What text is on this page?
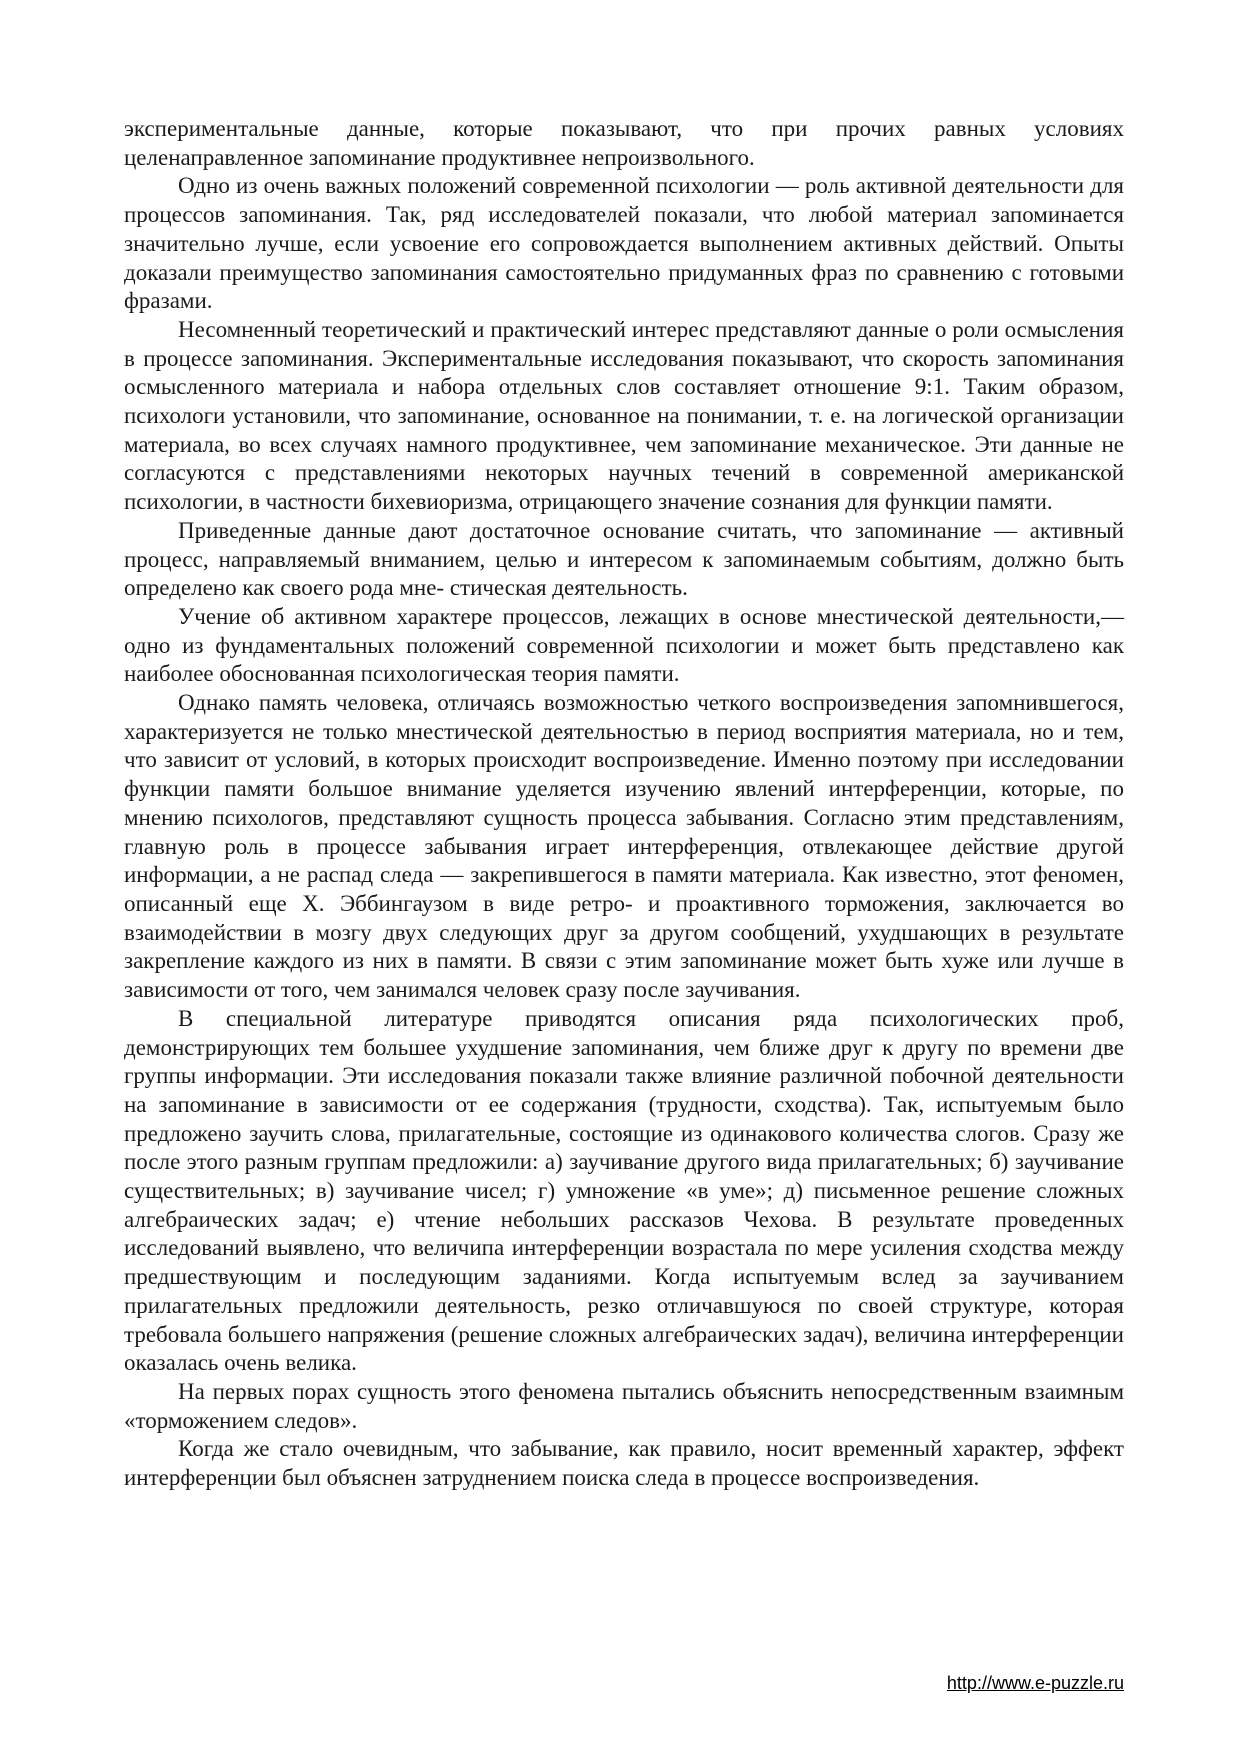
экспериментальные данные, которые показывают, что при прочих равных условиях целенаправленное запоминание продуктивнее непроизвольного.

Одно из очень важных положений современной психологии — роль активной деятельности для процессов запоминания. Так, ряд исследователей показали, что любой материал запоминается значительно лучше, если усвоение его сопровождается выполнением активных действий. Опыты доказали преимущество запоминания самостоятельно придуманных фраз по сравнению с готовыми фразами.

Несомненный теоретический и практический интерес представляют данные о роли осмысления в процессе запоминания. Экспериментальные исследования показывают, что скорость запоминания осмысленного материала и набора отдельных слов составляет отношение 9:1. Таким образом, психологи установили, что запоминание, основанное на понимании, т. е. на логической организации материала, во всех случаях намного продуктивнее, чем запоминание механическое. Эти данные не согласуются с представлениями некоторых научных течений в современной американской психологии, в частности бихевиоризма, отрицающего значение сознания для функции памяти.

Приведенные данные дают достаточное основание считать, что запоминание — активный процесс, направляемый вниманием, целью и интересом к запоминаемым событиям, должно быть определено как своего рода мне- стическая деятельность.

Учение об активном характере процессов, лежащих в основе мнестической деятельности,— одно из фундаментальных положений современной психологии и может быть представлено как наиболее обоснованная психологическая теория памяти.

Однако память человека, отличаясь возможностью четкого воспроизведения запомнившегося, характеризуется не только мнестической деятельностью в период восприятия материала, но и тем, что зависит от условий, в которых происходит воспроизведение. Именно поэтому при исследовании функции памяти большое внимание уделяется изучению явлений интерференции, которые, по мнению психологов, представляют сущность процесса забывания. Согласно этим представлениям, главную роль в процессе забывания играет интерференция, отвлекающее действие другой информации, а не распад следа — закрепившегося в памяти материала. Как известно, этот феномен, описанный еще X. Эббингаузом в виде ретро- и проактивного торможения, заключается во взаимодействии в мозгу двух следующих друг за другом сообщений, ухудшающих в результате закрепление каждого из них в памяти. В связи с этим запоминание может быть хуже или лучше в зависимости от того, чем занимался человек сразу после заучивания.

В специальной литературе приводятся описания ряда психологических проб, демонстрирующих тем большее ухудшение запоминания, чем ближе друг к другу по времени две группы информации. Эти исследования показали также влияние различной побочной деятельности на запоминание в зависимости от ее содержания (трудности, сходства). Так, испытуемым было предложено заучить слова, прилагательные, состоящие из одинакового количества слогов. Сразу же после этого разным группам предложили: а) заучивание другого вида прилагательных; б) заучивание существительных; в) заучивание чисел; г) умножение «в уме»; д) письменное решение сложных алгебраических задач; е) чтение небольших рассказов Чехова. В результате проведенных исследований выявлено, что величипа интерференции возрастала по мере усиления сходства между предшествующим и последующим заданиями. Когда испытуемым вслед за заучиванием прилагательных предложили деятельность, резко отличавшуюся по своей структуре, которая требовала большего напряжения (решение сложных алгебраических задач), величина интерференции оказалась очень велика.

На первых порах сущность этого феномена пытались объяснить непосредственным взаимным «торможением следов».

Когда же стало очевидным, что забывание, как правило, носит временный характер, эффект интерференции был объяснен затруднением поиска следа в процессе воспроизведения.

http://www.e-puzzle.ru
